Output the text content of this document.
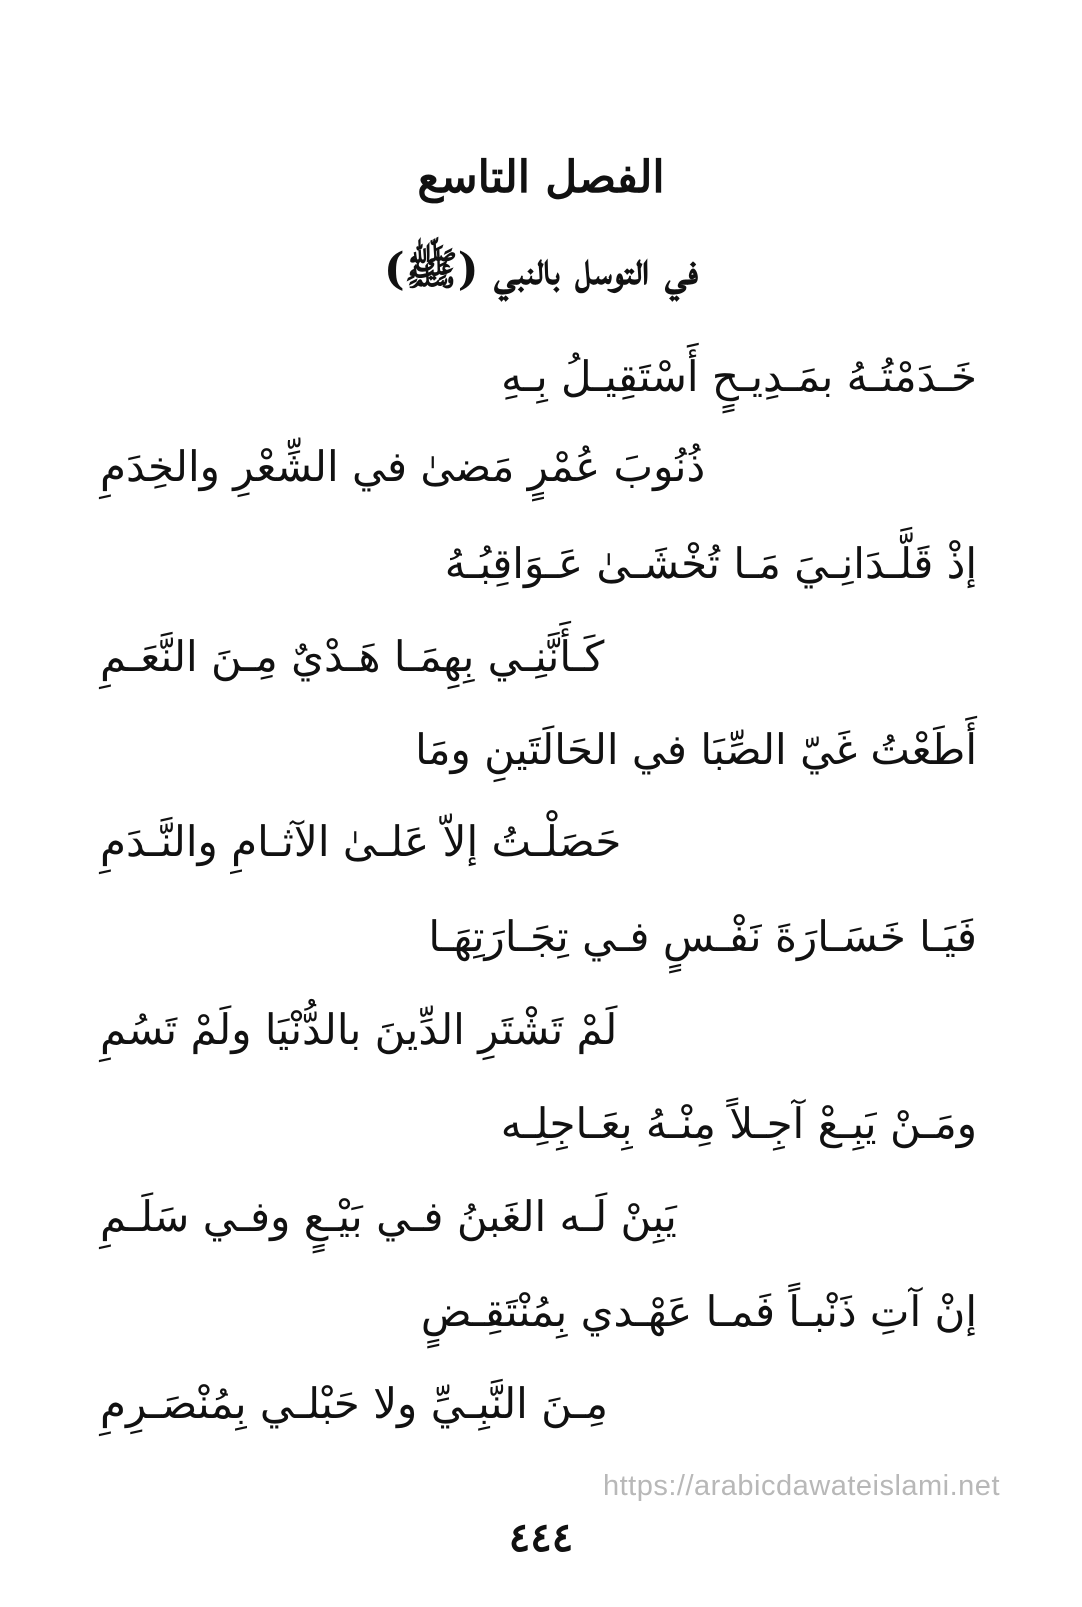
الفصل التاسع
في التوسل بالنبي (ﷺ)
خَـدَمْتُـهُ بمَـدِيـحٍ أَسْتَقِيـلُ بِـهِ
ذُنُوبَ عُمْرٍ مَضىٰ في الشِّعْرِ والخِدَمِ
إذْ قَلَّـدَانِـيَ مَـا تُخْشَـىٰ عَـوَاقِبُـهُ
كَـأَنَّنِـي بِهِمَـا هَـدْيٌ مِـنَ النَّعَـمِ
أَطَعْتُ غَيّ الصِّبَا في الحَالَتَينِ ومَا
حَصَلْـتُ إلاّ عَلـىٰ الآثـامِ والنَّـدَمِ
فَيَـا خَسَـارَةَ نَفْـسٍ فـي تِجَـارَتِهَـا
لَمْ تَشْتَرِ الدِّينَ بالدُّنْيَا ولَمْ تَسُمِ
ومَـنْ يَبِـعْ آجِـلاً مِنْـهُ بِعَـاجِلِـه
يَبِنْ لَـه الغَبنُ فـي بَيْـعٍ وفـي سَلَـمِ
إنْ آتِ ذَنْبـاً فَمـا عَهْـدي بِمُنْتَقِـضٍ
مِـنَ النَّبِـيِّ ولا حَبْلـي بِمُنْصَـرِمِ
https://arabicdawateislami.net
٤٤٤
